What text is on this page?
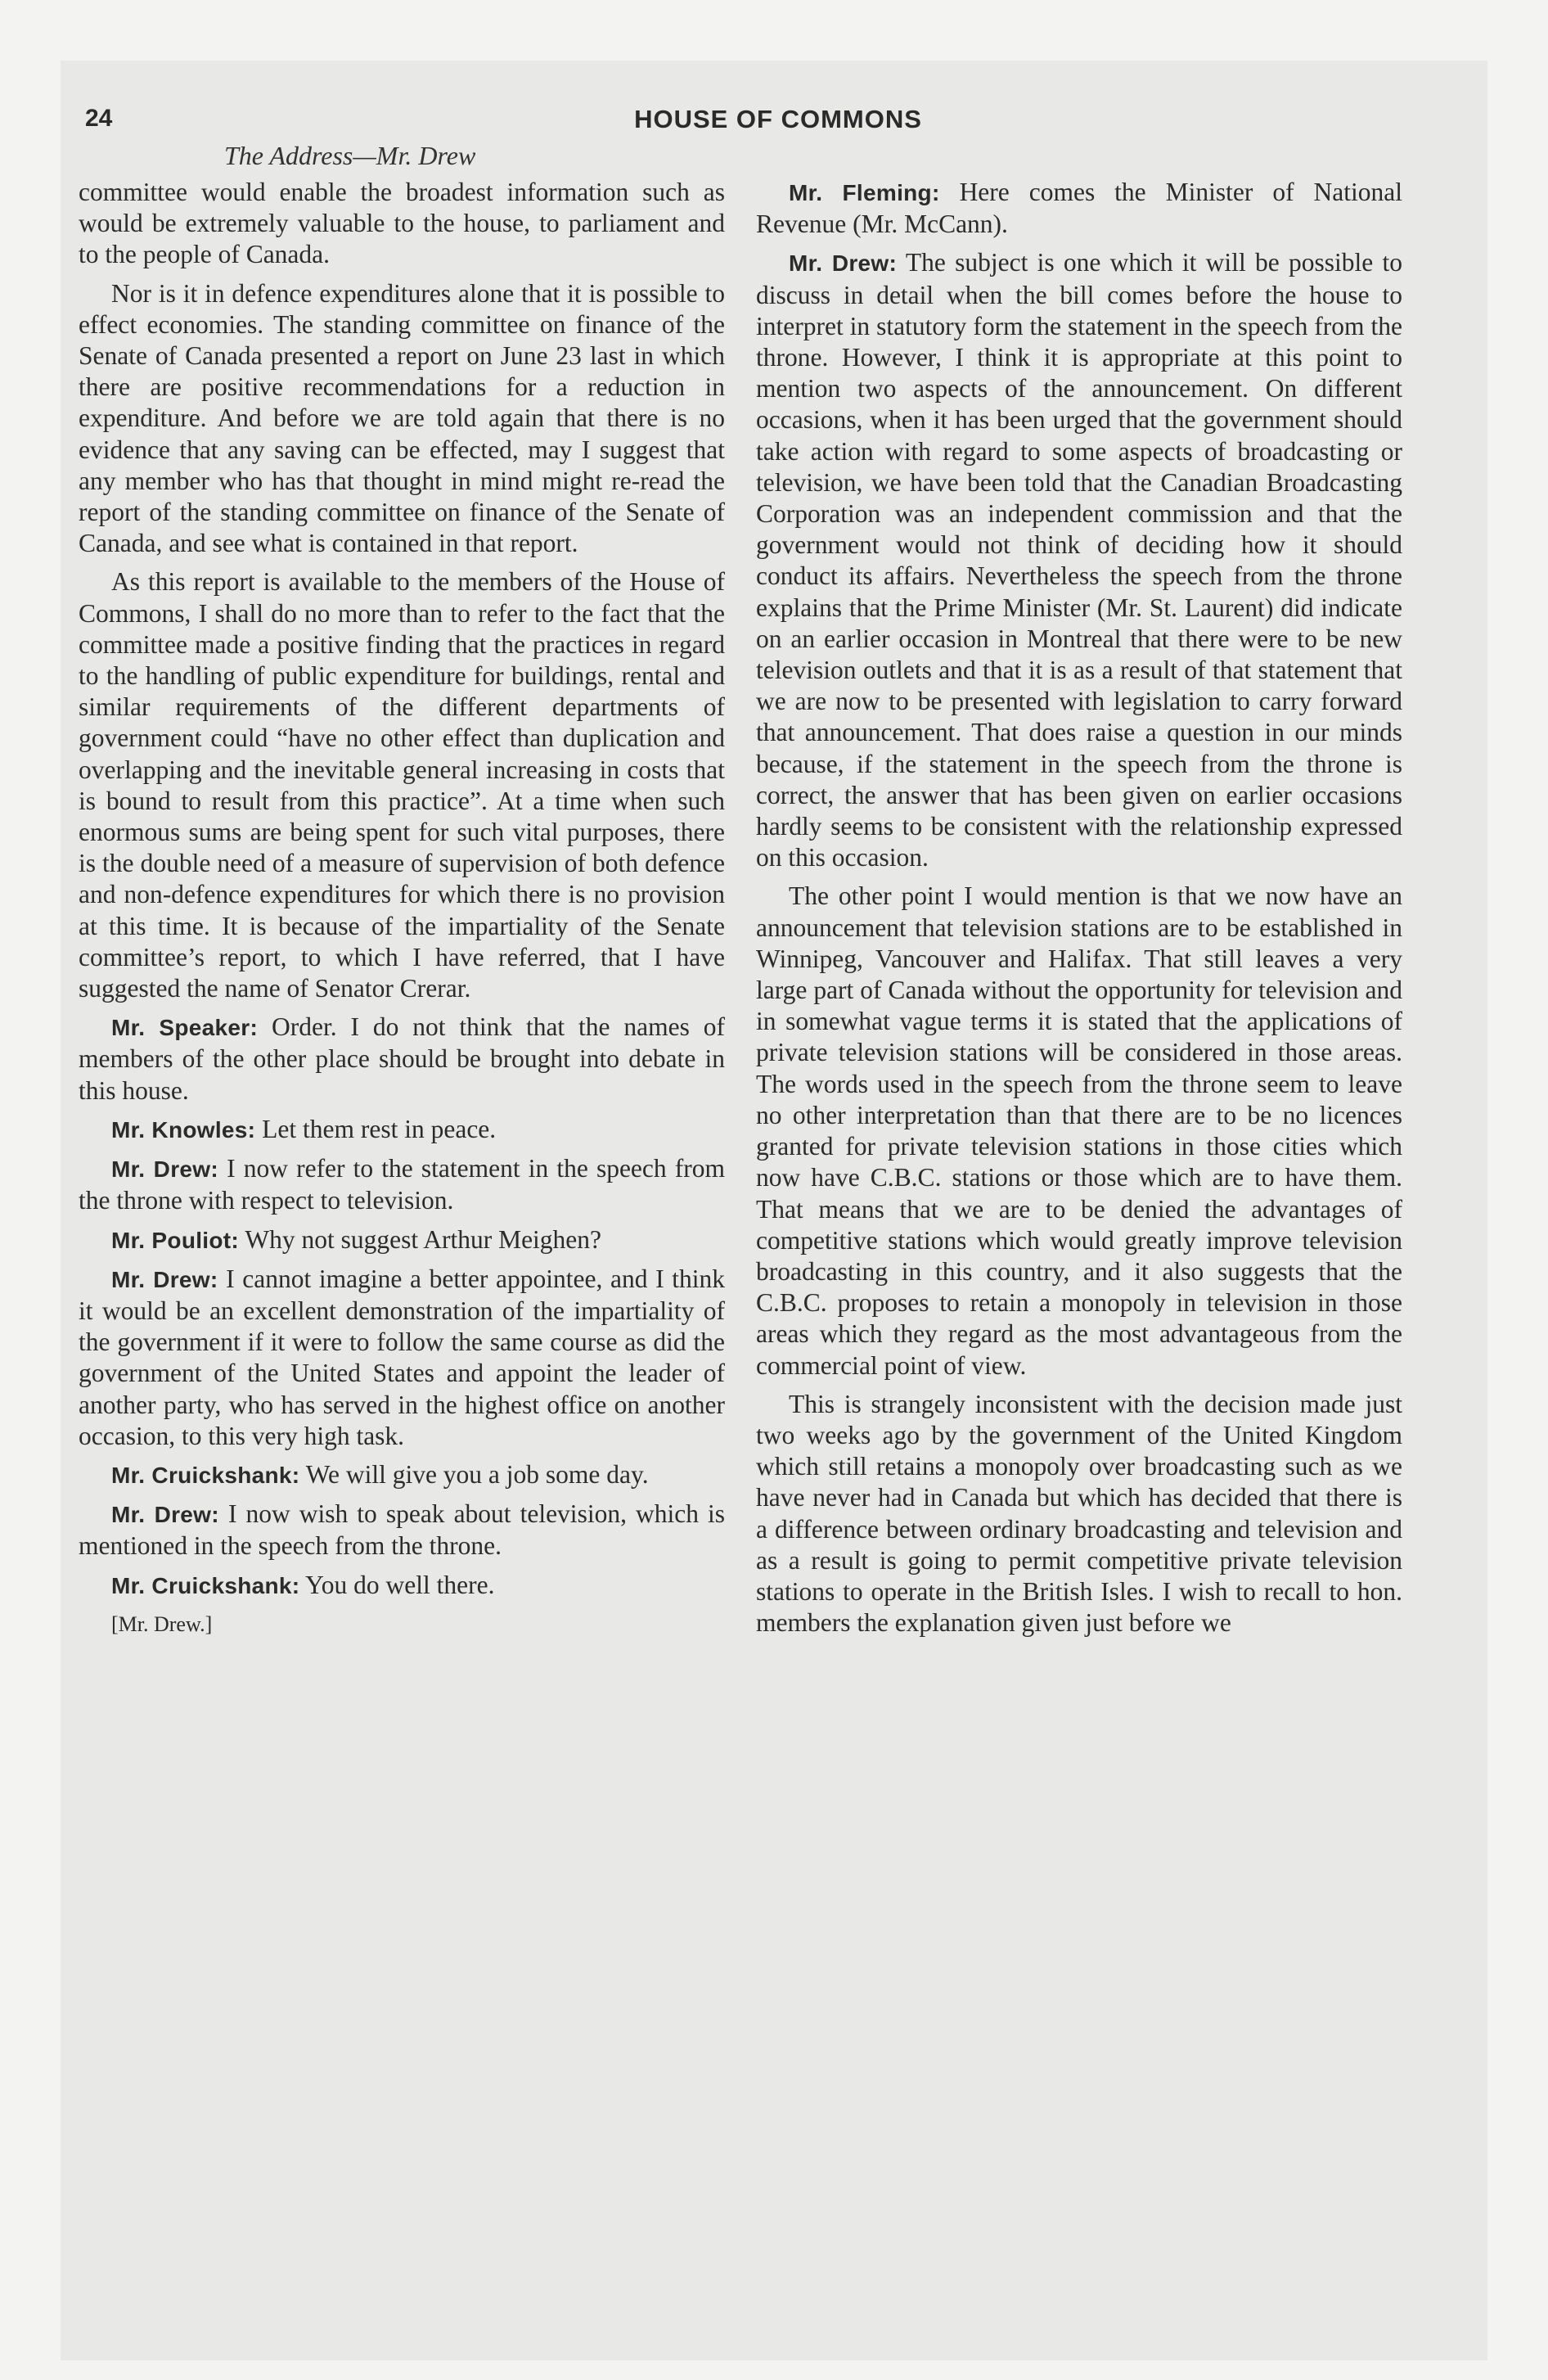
24	HOUSE OF COMMONS
The Address—Mr. Drew

committee would enable the broadest information such as would be extremely valuable to the house, to parliament and to the people of Canada.

Nor is it in defence expenditures alone that it is possible to effect economies. The standing committee on finance of the Senate of Canada presented a report on June 23 last in which there are positive recommendations for a reduction in expenditure. And before we are told again that there is no evidence that any saving can be effected, may I suggest that any member who has that thought in mind might re-read the report of the standing committee on finance of the Senate of Canada, and see what is contained in that report.

As this report is available to the members of the House of Commons, I shall do no more than to refer to the fact that the committee made a positive finding that the practices in regard to the handling of public expenditure for buildings, rental and similar requirements of the different departments of government could “have no other effect than duplication and overlapping and the inevitable general increasing in costs that is bound to result from this practice”. At a time when such enormous sums are being spent for such vital purposes, there is the double need of a measure of supervision of both defence and non-defence expenditures for which there is no provision at this time. It is because of the impartiality of the Senate committee’s report, to which I have referred, that I have suggested the name of Senator Crerar.

Mr. Speaker: Order. I do not think that the names of members of the other place should be brought into debate in this house.

Mr. Knowles: Let them rest in peace.

Mr. Drew: I now refer to the statement in the speech from the throne with respect to television.

Mr. Pouliot: Why not suggest Arthur Meighen?

Mr. Drew: I cannot imagine a better appointee, and I think it would be an excellent demonstration of the impartiality of the government if it were to follow the same course as did the government of the United States and appoint the leader of another party, who has served in the highest office on another occasion, to this very high task.

Mr. Cruickshank: We will give you a job some day.

Mr. Drew: I now wish to speak about television, which is mentioned in the speech from the throne.

Mr. Cruickshank: You do well there.

[Mr. Drew.]

Mr. Fleming: Here comes the Minister of National Revenue (Mr. McCann).

Mr. Drew: The subject is one which it will be possible to discuss in detail when the bill comes before the house to interpret in statutory form the statement in the speech from the throne. However, I think it is appropriate at this point to mention two aspects of the announcement. On different occasions, when it has been urged that the government should take action with regard to some aspects of broadcasting or television, we have been told that the Canadian Broadcasting Corporation was an independent commission and that the government would not think of deciding how it should conduct its affairs. Nevertheless the speech from the throne explains that the Prime Minister (Mr. St. Laurent) did indicate on an earlier occasion in Montreal that there were to be new television outlets and that it is as a result of that statement that we are now to be presented with legislation to carry forward that announcement. That does raise a question in our minds because, if the statement in the speech from the throne is correct, the answer that has been given on earlier occasions hardly seems to be consistent with the relationship expressed on this occasion.

The other point I would mention is that we now have an announcement that television stations are to be established in Winnipeg, Vancouver and Halifax. That still leaves a very large part of Canada without the opportunity for television and in somewhat vague terms it is stated that the applications of private television stations will be considered in those areas. The words used in the speech from the throne seem to leave no other interpretation than that there are to be no licences granted for private television stations in those cities which now have C.B.C. stations or those which are to have them. That means that we are to be denied the advantages of competitive stations which would greatly improve television broadcasting in this country, and it also suggests that the C.B.C. proposes to retain a monopoly in television in those areas which they regard as the most advantageous from the commercial point of view.

This is strangely inconsistent with the decision made just two weeks ago by the government of the United Kingdom which still retains a monopoly over broadcasting such as we have never had in Canada but which has decided that there is a difference between ordinary broadcasting and television and as a result is going to permit competitive private television stations to operate in the British Isles. I wish to recall to hon. members the explanation given just before we
